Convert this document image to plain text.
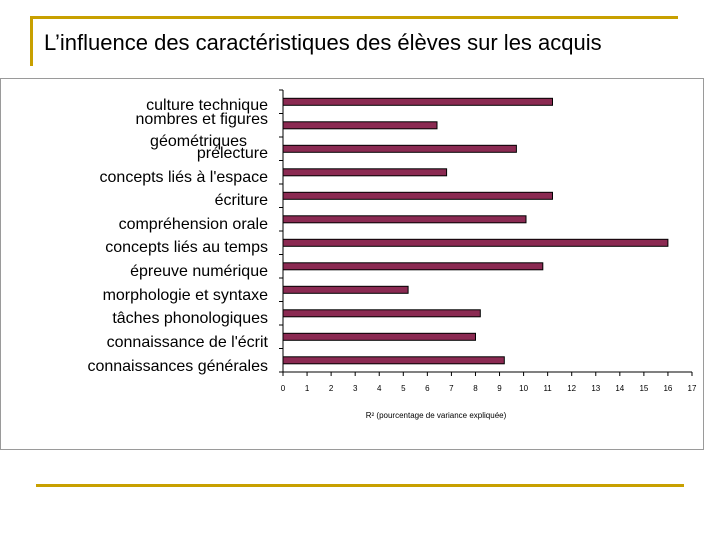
L’influence des caractéristiques des élèves sur les acquis
culture technique
nombres et figures géométriques
prélecture
concepts liés à l'espace
écriture
compréhension orale
concepts liés au temps
épreuve numérique
morphologie et syntaxe
tâches phonologiques
connaissance de l'écrit
connaissances générales
0 1 2 3 4 5 6 7 8 9 10 11 12 13 14 15 16 17
R² (pourcentage de variance expliquée)
